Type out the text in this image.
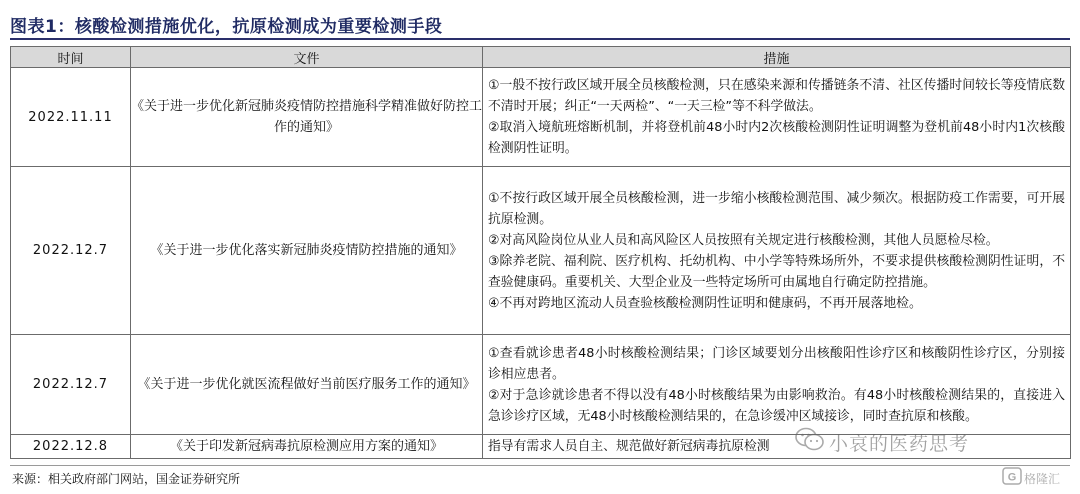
图表1：核酸检测措施优化，抗原检测成为重要检测手段
时间	文件	措施
2022.11.11	《关于进一步优化新冠肺炎疫情防控措施科学精准做好防控工作的通知》	①一般不按行政区域开展全员核酸检测，只在感染来源和传播链条不清、社区传播时间较长等疫情底数不清时开展；纠正“一天两检”、“一天三检”等不科学做法。
②取消入境航班熔断机制，并将登机前48小时内2次核酸检测阴性证明调整为登机前48小时内1次核酸检测阴性证明。

2022.12.7	《关于进一步优化落实新冠肺炎疫情防控措施的通知》	①不按行政区域开展全员核酸检测，进一步缩小核酸检测范围、减少频次。根据防疫工作需要，可开展抗原检测。
②对高风险岗位从业人员和高风险区人员按照有关规定进行核酸检测，其他人员愿检尽检。
③除养老院、福利院、医疗机构、托幼机构、中小学等特殊场所外，不要求提供核酸检测阴性证明，不查验健康码。重要机关、大型企业及一些特定场所可由属地自行确定防控措施。
④不再对跨地区流动人员查验核酸检测阴性证明和健康码，不再开展落地检。

2022.12.7	《关于进一步优化就医流程做好当前医疗服务工作的通知》	①查看就诊患者48小时核酸检测结果；门诊区域要划分出核酸阳性诊疗区和核酸阴性诊疗区，分别接诊相应患者。
②对于急诊就诊患者不得以没有48小时核酸结果为由影响救治。有48小时核酸检测结果的，直接进入急诊诊疗区域，无48小时核酸检测结果的，在急诊缓冲区域接诊，同时查抗原和核酸。

2022.12.8	《关于印发新冠病毒抗原检测应用方案的通知》	指导有需求人员自主、规范做好新冠病毒抗原检测	小哀的医药思考
来源：相关政府部门网站，国金证券研究所	G 格隆汇
